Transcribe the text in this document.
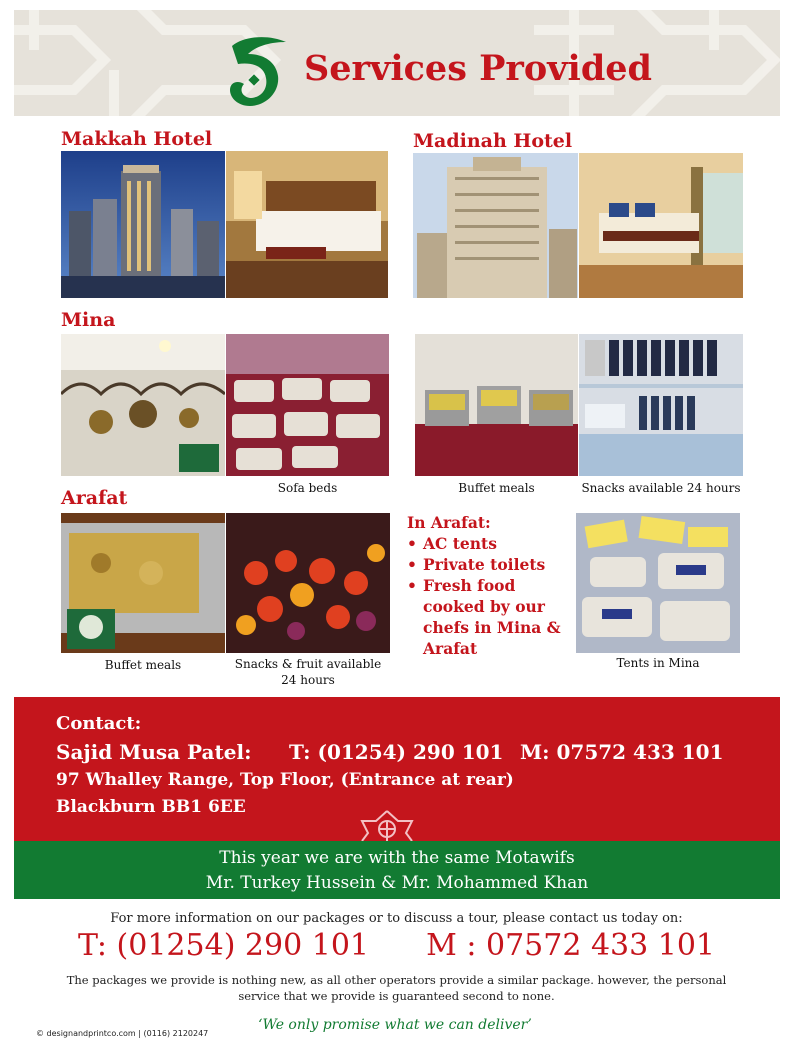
Services Provided
Makkah Hotel	Madinah Hotel
Mina
Sofa beds	Buffet meals	Snacks available 24 hours
Arafat
Buffet meals	Snacks & fruit available 24 hours
In Arafat:
• AC tents
• Private toilets
• Fresh food cooked by our chefs in Mina & Arafat
Tents in Mina
Contact:
Sajid Musa Patel: T: (01254) 290 101 M: 07572 433 101
97 Whalley Range, Top Floor, (Entrance at rear)
Blackburn BB1 6EE
This year we are with the same Motawifs
Mr. Turkey Hussein & Mr. Mohammed Khan
For more information on our packages or to discuss a tour, please contact us today on:
T: (01254) 290 101 M : 07572 433 101
The packages we provide is nothing new, as all other operators provide a similar package. however, the personal service that we provide is guaranteed second to none.
© designandprintco.com | (0116) 2120247
‘We only promise what we can deliver’
